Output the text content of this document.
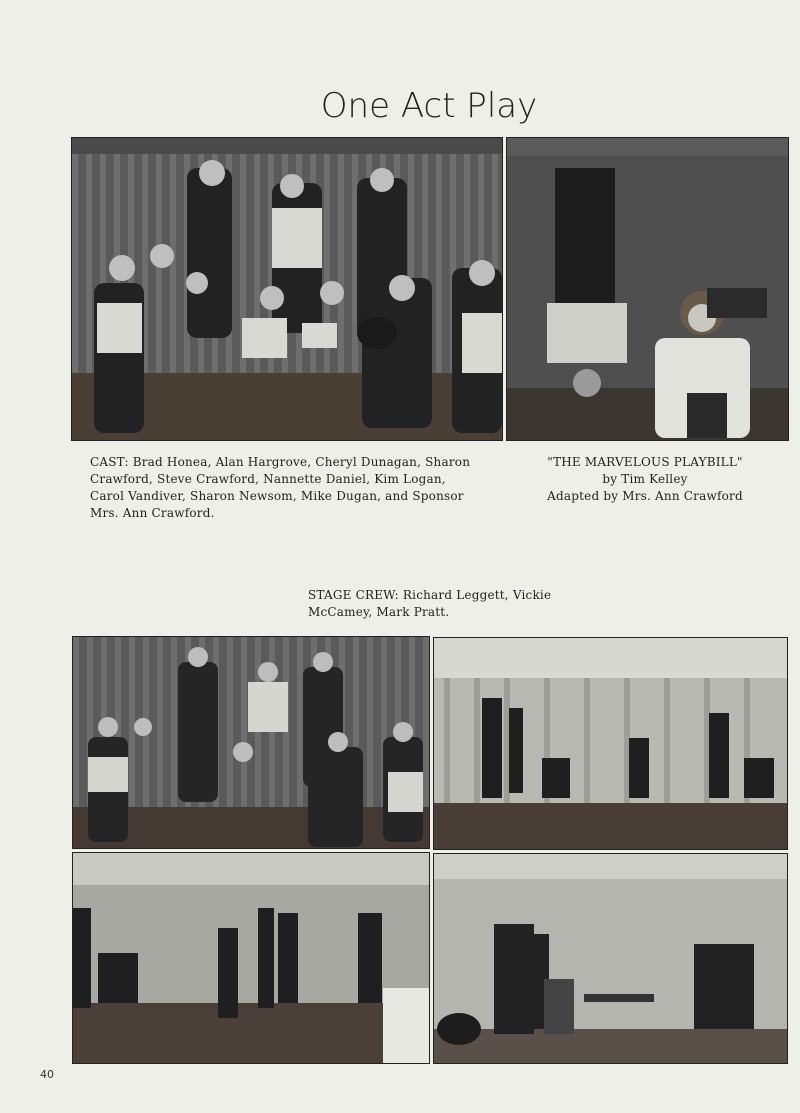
One Act Play
CAST: Brad Honea, Alan Hargrove, Cheryl Dunagan, Sharon
Crawford, Steve Crawford, Nannette Daniel, Kim Logan,
Carol Vandiver, Sharon Newsom, Mike Dugan, and Sponsor
Mrs. Ann Crawford.
"THE MARVELOUS PLAYBILL"
by Tim Kelley
Adapted by Mrs. Ann Crawford
STAGE CREW: Richard Leggett, Vickie
McCamey, Mark Pratt.
40
